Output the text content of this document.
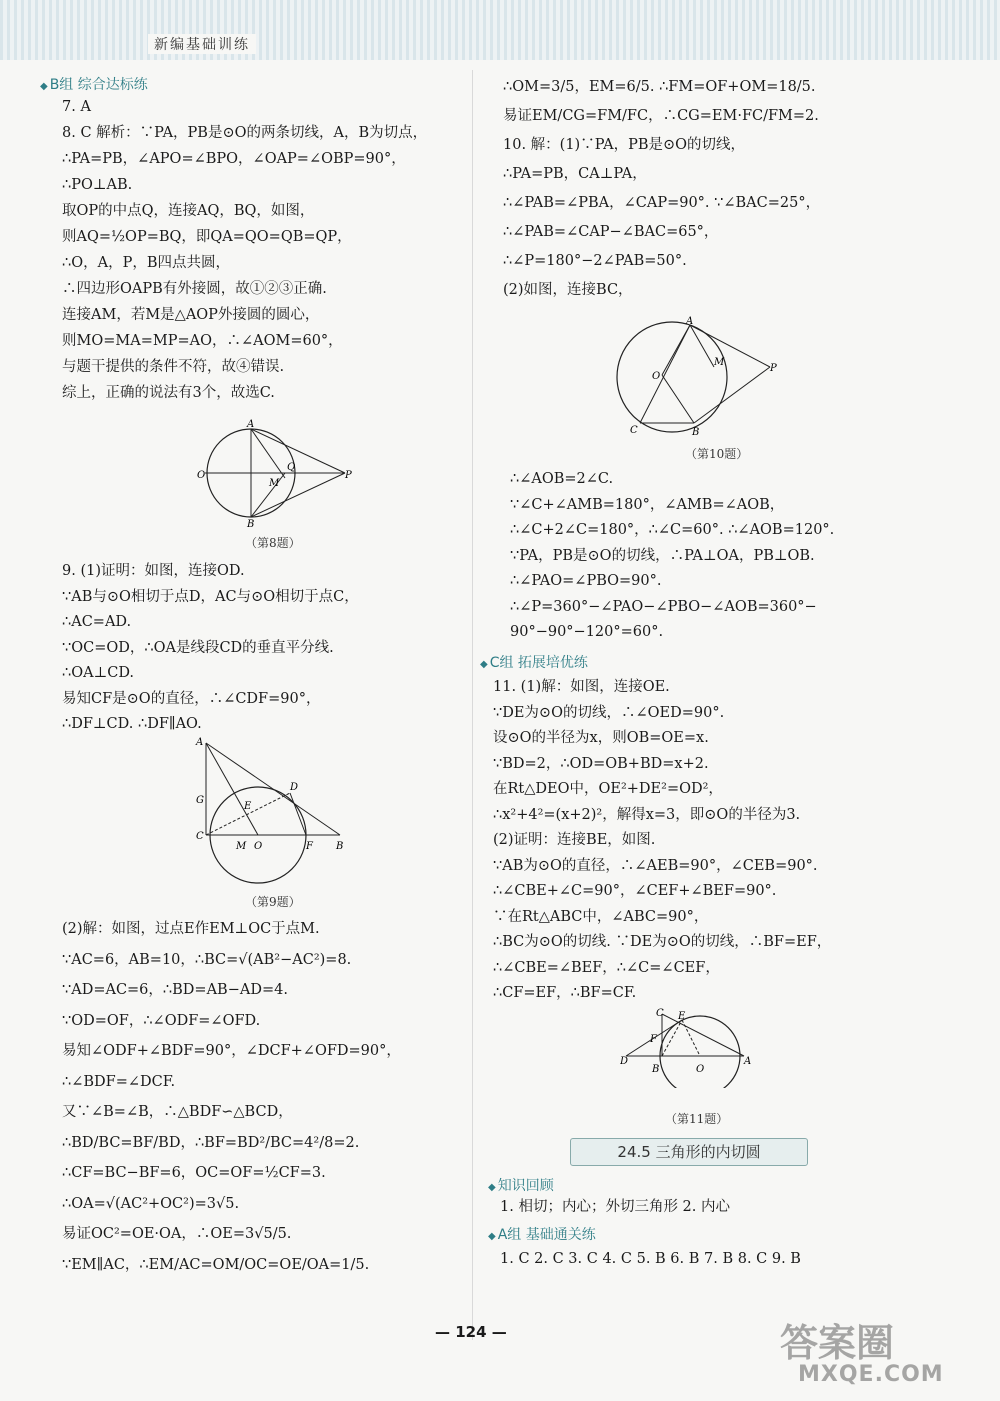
新编基础训练
◆ B组 综合达标练
7. A
8. C 解析：∵PA，PB是⊙O的两条切线，A，B为切点，
∴PA=PB，∠APO=∠BPO，∠OAP=∠OBP=90°，
∴PO⊥AB.
取OP的中点Q，连接AQ，BQ，如图，
则AQ=½OP=BQ，即QA=QO=QB=QP，
∴O，A，P，B四点共圆，
∴四边形OAPB有外接圆，故①②③正确.
连接AM，若M是△AOP外接圆的圆心，
则MO=MA=MP=AO，∴∠AOM=60°，
与题干提供的条件不符，故④错误.
综上，正确的说法有3个，故选C.
O
A
B
P
Q
M
（第8题）
9. (1)证明：如图，连接OD.
∵AB与⊙O相切于点D，AC与⊙O相切于点C，
∴AC=AD.
∵OC=OD，∴OA是线段CD的垂直平分线.
∴OA⊥CD.
易知CF是⊙O的直径，∴∠CDF=90°，
∴DF⊥CD. ∴DF∥AO.
A
C
G
E
D
M O	F B
（第9题）
(2)解：如图，过点E作EM⊥OC于点M.
∵AC=6，AB=10，∴BC=√(AB²−AC²)=8.
∵AD=AC=6，∴BD=AB−AD=4.
∵OD=OF，∴∠ODF=∠OFD.
易知∠ODF+∠BDF=90°，∠DCF+∠OFD=90°，
∴∠BDF=∠DCF.
又∵∠B=∠B，∴△BDF∽△BCD，
∴BD/BC=BF/BD，∴BF=BD²/BC=4²/8=2.
∴CF=BC−BF=6，OC=OF=½CF=3.
∴OA=√(AC²+OC²)=3√5.
易证OC²=OE·OA，∴OE=3√5/5.
∵EM∥AC，∴EM/AC=OM/OC=OE/OA=1/5.
∴OM=3/5，EM=6/5. ∴FM=OF+OM=18/5.
易证EM/CG=FM/FC，∴CG=EM·FC/FM=2.
10. 解：(1)∵PA，PB是⊙O的切线，
∴PA=PB，CA⊥PA，
∴∠PAB=∠PBA，∠CAP=90°. ∵∠BAC=25°，
∴∠PAB=∠CAP−∠BAC=65°，
∴∠P=180°−2∠PAB=50°.
(2)如图，连接BC，
A
O
M
P
C	B
（第10题）
∴∠AOB=2∠C.
∵∠C+∠AMB=180°，∠AMB=∠AOB，
∴∠C+2∠C=180°，∴∠C=60°. ∴∠AOB=120°.
∵PA，PB是⊙O的切线，∴PA⊥OA，PB⊥OB.
∴∠PAO=∠PBO=90°.
∴∠P=360°−∠PAO−∠PBO−∠AOB=360°−
90°−90°−120°=60°.
◆ C组 拓展培优练
11. (1)解：如图，连接OE.
∵DE为⊙O的切线，∴∠OED=90°.
设⊙O的半径为x，则OB=OE=x.
∵BD=2，∴OD=OB+BD=x+2.
在Rt△DEO中，OE²+DE²=OD²，
∴x²+4²=(x+2)²，解得x=3，即⊙O的半径为3.
(2)证明：连接BE，如图.
∵AB为⊙O的直径，∴∠AEB=90°，∠CEB=90°.
∴∠CBE+∠C=90°，∠CEF+∠BEF=90°.
∵在Rt△ABC中，∠ABC=90°，
∴BC为⊙O的切线. ∵DE为⊙O的切线，∴BF=EF，
∴∠CBE=∠BEF，∴∠C=∠CEF，
∴CF=EF，∴BF=CF.
C E
F
D
B	O
A
（第11题）
24.5 三角形的内切圆
◆ 知识回顾
1. 相切；内心；外切三角形 2. 内心
◆ A组 基础通关练
1. C 2. C 3. C 4. C 5. B 6. B 7. B 8. C 9. B
— 124 —	答案圈
MXQE.COM
